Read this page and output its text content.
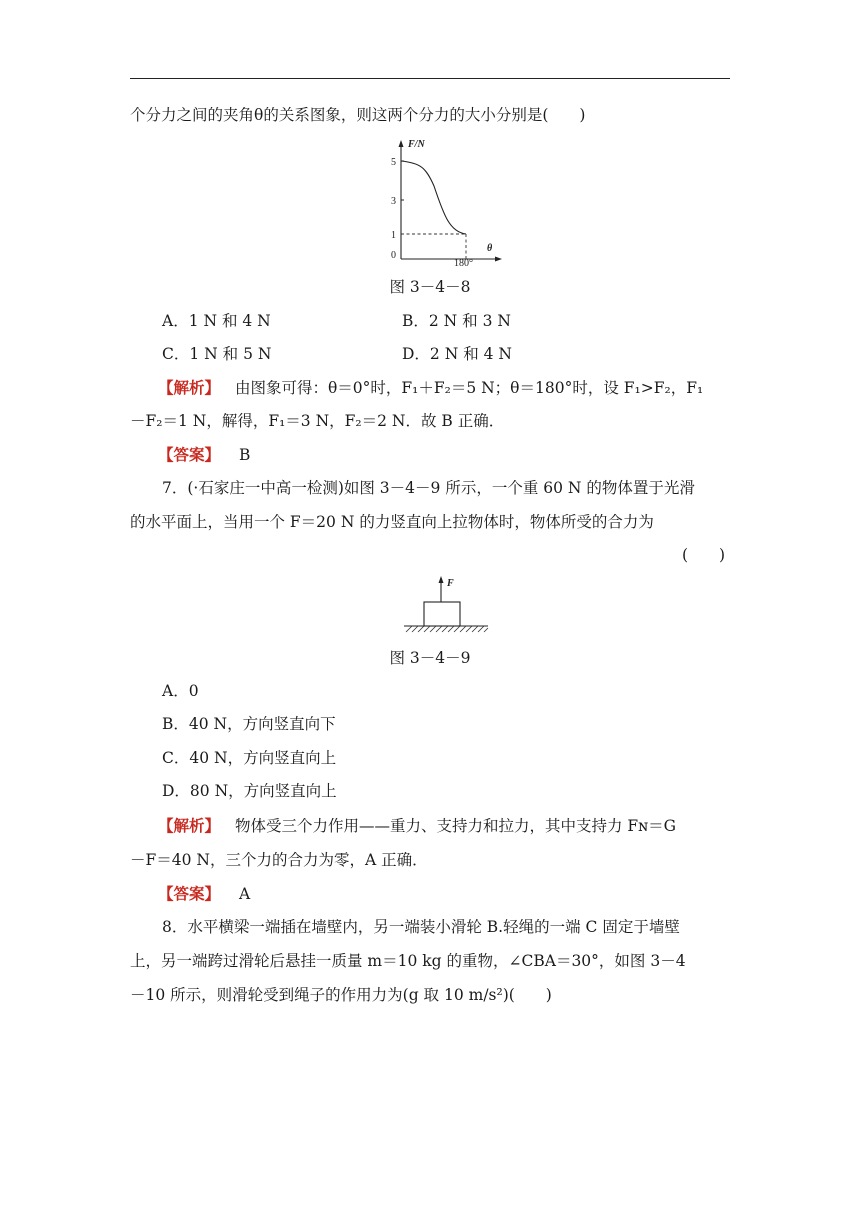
个分力之间的夹角θ的关系图象，则这两个分力的大小分别是(　　)
F/N
5
3
1
0
θ
180°
图 3－4－8
A．1 N 和 4 N	B．2 N 和 3 N
C．1 N 和 5 N	D．2 N 和 4 N
【解析】 由图象可得：θ＝0°时，F₁＋F₂＝5 N；θ＝180°时，设 F₁>F₂，F₁
－F₂＝1 N，解得，F₁＝3 N，F₂＝2 N．故 B 正确．
【答案】 B
7．(·石家庄一中高一检测)如图 3－4－9 所示，一个重 60 N 的物体置于光滑
的水平面上，当用一个 F＝20 N 的力竖直向上拉物体时，物体所受的合力为
(　　)
F
图 3－4－9
A．0
B．40 N，方向竖直向下
C．40 N，方向竖直向上
D．80 N，方向竖直向上
【解析】 物体受三个力作用——重力、支持力和拉力，其中支持力 Fɴ＝G
－F＝40 N，三个力的合力为零，A 正确．
【答案】 A
8．水平横梁一端插在墙壁内，另一端装小滑轮 B.轻绳的一端 C 固定于墙壁
上，另一端跨过滑轮后悬挂一质量 m＝10 kg 的重物，∠CBA＝30°，如图 3－4
－10 所示，则滑轮受到绳子的作用力为(g 取 10 m/s²)(　　)
